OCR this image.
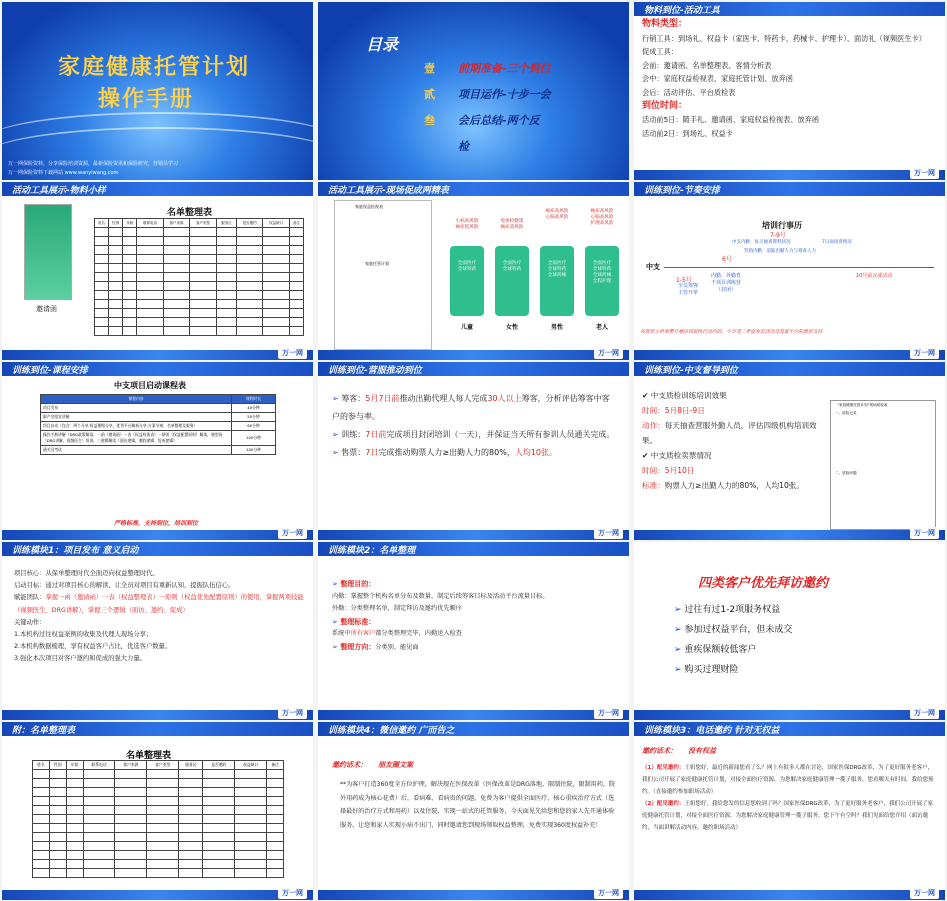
家庭健康托管计划
操作手册
万一网保险资料，分享保险培训资源，最新保险资讯和保险研究，营销员学习
万一网保险资料下载网站 www.wanyiwang.com
目录
壹 前期准备-三个到位
贰 项目运作-十步一会
叁 会后总结-两个反
检
物料到位-活动工具
物料类型：
行销工具：到场礼、权益卡（家医卡、特药卡、药械卡、护理卡）、面访礼（视频医生卡）
促成工具：
会前：邀请函、名单整理表、客情分析表
会中：家庭权益检视表、家庭托管计划、放弃函
会后：活动评估、平台质检表
到位时间：
活动前5日：随手礼、邀请函、家庭权益检视表、放弃函
活动前2日：到场礼、权益卡
万一网
活动工具展示-物料小样
邀请函
名单整理表
姓名	性别	年龄	联系电话	客户来源	客户类型	服务区	是否邀约	权益缺口	备注

万一网
活动工具展示-现场促成两精表
家庭权益检视表
家庭托管计划
小病高风险
癌症低风险
全面医疗
全球特药
儿童
免体检健康
癌症高风险
全面医疗
全球特药
女性
癌症高风险
心脑高风险
全面医疗
全球特药
全球药械
男性
癌症高风险
心脑高风险
护理高风险
全面医疗
全球特药
全球药械
全程护理
老人
万一网
训练到位-节奏安排
培训行事历
中支
1-5号
全员筹客
主管开单
6号
内勤、外勤育
干项目训练营
（封闭）
7-9号
中支内勤：每天抽查资料状况	7日面谈客情况
营销内勤：追踪出勤人力与筹客人力
10号前完成活动
各营销主担事要开展培训提统行动内的，不享受二季度客宏活动反流量平台的费用支持
万一网
训练到位-课程安排
中支项目启动课程表
课程内容	课程时长
项目发布	40分钟
职产会组宣讲解	50分钟
项目启动（包含：两个分享·权益理赔分享，优秀平台解析分享;方案节奏、名单整理及服务）	60分钟
操作手册讲解（DRG政策解读，一函（邀请函）一表（权益检视表）一原则（权益配置原则）解读，典型场（DRG讲解、视频医生）培训，三逻辑解读（面访逻辑、邀约逻辑、促成逻辑）	100分钟
通关及考试	150分钟
严格标准，支持到位，培训到位
万一网
训练到位-营服推动到位
➢ 筹客：5月7日前推动出勤代理人每人完成30人以上筹客，分析评估筹客中客户的参与率。
➢ 训练：7日前完成项目封闭培训（一天），并保证当天所有参训人员通关完成。
➢ 售票：7日完成推动购票人力≥出勤人力的80%，人均10张。
万一网
训练到位-中支督导到位
✔ 中支质检训练培训效果
时间：5月8日-9日
动作：每天抽查营服外勤人员，评估四级机构培训效果。
✔ 中支质检卖票情况
时间：5月10日
标准：购票人力≥出勤人力的80%，人均10张。
“家庭健康托管计划”现场质检表
一、质检记录
二、质检问题
万一网
训练模块1：项目发布 意义启动
项目核心：从保单整理时代全面迈向权益整理时代。
启动目标：通过对项目核心的解读，让全员对项目有重新认知，提振队伍信心。
赋能团队：掌握一函（邀请函）一表（权益整理表）一原则（权益优先配置原则）的使用，掌握两项技能（视频医生、DRG讲解），掌握三个逻辑（面访、邀约、促成）
关键动作：
1.本机构过往权益案例的收集及代理人现场分享；
2.本机构数据梳理，享有权益客户占比，优选客户数量。
3.强化本次项目对客户邀约和促成的强大力量。
万一网
训练模块2：名单整理
➢ 整理目的：
内勤：掌握整个机构名单分布及数量，制定后续筹客目标及活动平台流量目标。
外勤：分类整理名单，制定拜访及邀约优先顺序
➢ 整理标准：
系统中所有客户都分类整理完毕，内勤送入检查
➢ 整理方向：分类别、能见面
万一网
四类客户优先拜访邀约
➢ 过往有过1-2项服务权益
➢ 参加过权益平台，但未成交
➢ 重疾保额较低客户
➢ 购买过理财险
万一网
附：名单整理表
名单整理表
姓名	性别	年龄	联系电话	客户来源	客户类型	服务区	是否邀约	权益缺口	备注

万一网
训练模块4：微信邀约 广而告之
邀约话术： 朋友圈文案
**为客户打造360度全方位护理，解决现在医保改革（医保改革是DRG落地，限制住院、限制用药，院外用药成为核心花费）后，看病难、看病贵的问题。免费为客户提供全面医疗、核心重疾治疗方式（选择最好的治疗方式和用药）以及住院，实现一站式的托管服务，今天面见先给您和您的家人先开通体验服务，让您和家人实现小病不出门，同时邀请您到现场领取权益整理，免费实现360度权益补充！
万一网
训练模块3：电话邀约 针对无权益
邀约话术： 没有权益
（1）配见邀约：王姐您好，最近的新闻您看了么？网上有很多人都在讨论，国家医保DRG改革，为了更好服务老客户，我们公司开展了家庭健康托管计划，对接全面医疗资源，为您解决家庭健康管理一揽子服务，您看哪天有时间，我给您预约。（直接邀约参加职场活动）
（2）配见邀约：王姐您好，我给您发的信息您收到了吗？国家医保DRG改革，为了更好服务老客户，我们公司开展了家庭健康托管计划，对接全面医疗资源，为您解决家庭健康管理一揽子服务，您下午有空吗？我们见面给您介绍（面访邀约，当面讲解活动内容，邀约职场活动）
万一网
